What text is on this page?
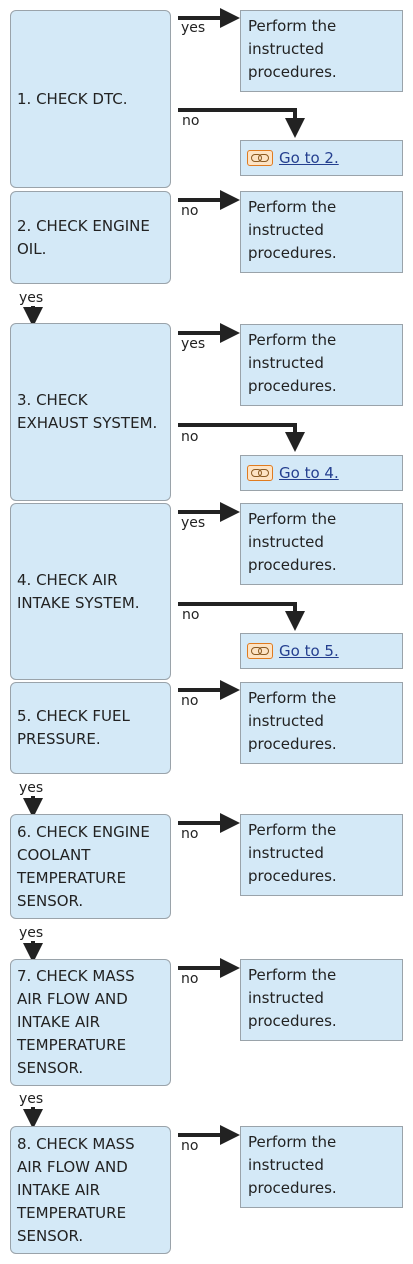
1. CHECK DTC.
2. CHECK ENGINE
OIL.
3. CHECK
EXHAUST SYSTEM.
4. CHECK AIR
INTAKE SYSTEM.
5. CHECK FUEL
PRESSURE.
6. CHECK ENGINE
COOLANT
TEMPERATURE
SENSOR.
7. CHECK MASS
AIR FLOW AND
INTAKE AIR
TEMPERATURE
SENSOR.
8. CHECK MASS
AIR FLOW AND
INTAKE AIR
TEMPERATURE
SENSOR.
Perform the
instructed
procedures.
Perform the
instructed
procedures.
Perform the
instructed
procedures.
Perform the
instructed
procedures.
Perform the
instructed
procedures.
Perform the
instructed
procedures.
Perform the
instructed
procedures.
Perform the
instructed
procedures.
Go to 2.
Go to 4.
Go to 5.
yes
no
no
yes
yes
no
yes
no
no
yes
no
yes
no
yes
no
